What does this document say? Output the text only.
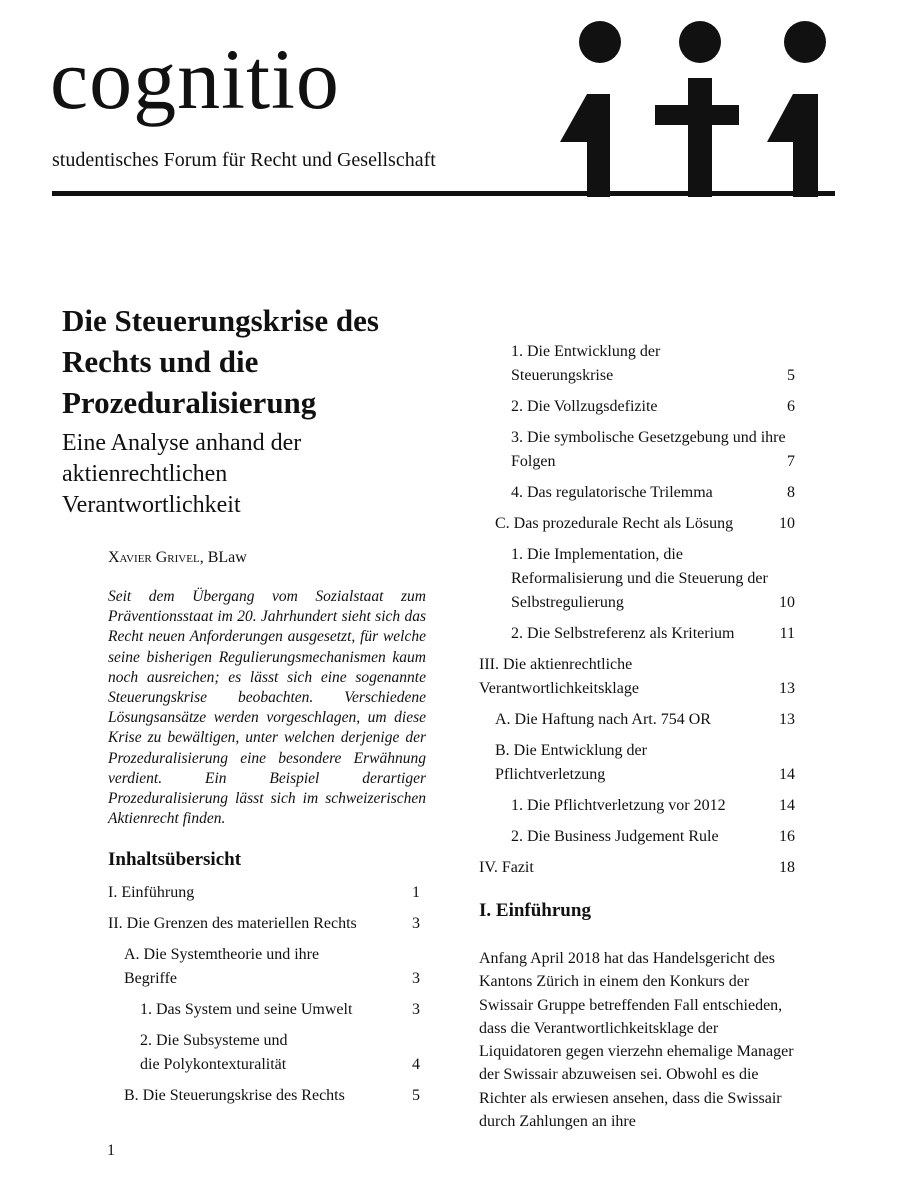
cognitio
studentisches Forum für Recht und Gesellschaft
Die Steuerungskrise des Rechts und die Prozeduralisierung
Eine Analyse anhand der aktienrechtlichen Verantwortlichkeit
Xavier Grivel, BLaw
Seit dem Übergang vom Sozialstaat zum Präventionsstaat im 20. Jahrhundert sieht sich das Recht neuen Anforderungen ausgesetzt, für welche seine bisherigen Regulierungsmechanismen kaum noch ausreichen; es lässt sich eine sogenannte Steuerungskrise beobachten. Verschiedene Lösungsansätze werden vorgeschlagen, um diese Krise zu bewältigen, unter welchen derjenige der Prozeduralisierung eine besondere Erwähnung verdient. Ein Beispiel derartiger Prozeduralisierung lässt sich im schweizerischen Aktienrecht finden.
Inhaltsübersicht
I. Einführung	1
II. Die Grenzen des materiellen Rechts	3
A. Die Systemtheorie und ihre Begriffe	3
1. Das System und seine Umwelt	3
2. Die Subsysteme und die Polykontexturalität	4
B. Die Steuerungskrise des Rechts	5
1. Die Entwicklung der Steuerungskrise	5
2. Die Vollzugsdefizite	6
3. Die symbolische Gesetzgebung und ihre Folgen	7
4. Das regulatorische Trilemma	8
C. Das prozedurale Recht als Lösung	10
1. Die Implementation, die Reformalisierung und die Steuerung der Selbstregulierung	10
2. Die Selbstreferenz als Kriterium	11
III. Die aktienrechtliche Verantwortlichkeitsklage	13
A. Die Haftung nach Art. 754 OR	13
B. Die Entwicklung der Pflichtverletzung	14
1. Die Pflichtverletzung vor 2012	14
2. Die Business Judgement Rule	16
IV. Fazit	18
I. Einführung
Anfang April 2018 hat das Handelsgericht des Kantons Zürich in einem den Konkurs der Swissair Gruppe betreffenden Fall entschieden, dass die Verantwortlichkeitsklage der Liquidatoren gegen vierzehn ehemalige Manager der Swissair abzuweisen sei. Obwohl es die Richter als erwiesen ansehen, dass die Swissair durch Zahlungen an ihre
1
